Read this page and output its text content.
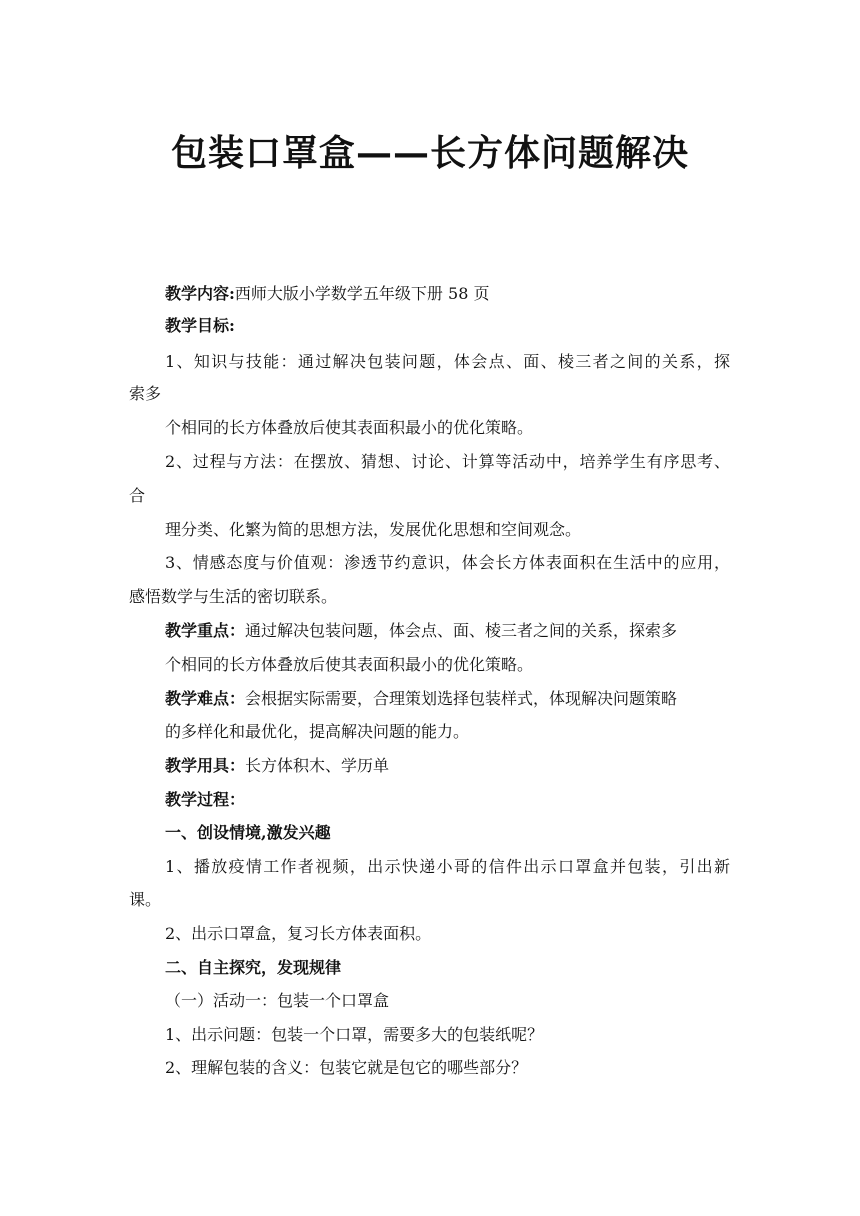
包装口罩盒——长方体问题解决
教学内容:西师大版小学数学五年级下册 58 页
教学目标:
1、知识与技能：通过解决包装问题，体会点、面、棱三者之间的关系，探
索多
个相同的长方体叠放后使其表面积最小的优化策略。
2、过程与方法：在摆放、猜想、讨论、计算等活动中，培养学生有序思考、
合
理分类、化繁为简的思想方法，发展优化思想和空间观念。
3、情感态度与价值观：渗透节约意识，体会长方体表面积在生活中的应用，
感悟数学与生活的密切联系。
教学重点：通过解决包装问题，体会点、面、棱三者之间的关系，探索多
个相同的长方体叠放后使其表面积最小的优化策略。
教学难点：会根据实际需要，合理策划选择包装样式，体现解决问题策略
的多样化和最优化，提高解决问题的能力。
教学用具：长方体积木、学历单
教学过程：
一、创设情境,激发兴趣
1、播放疫情工作者视频，出示快递小哥的信件出示口罩盒并包装，引出新
课。
2、出示口罩盒，复习长方体表面积。
二、自主探究，发现规律
（一）活动一：包装一个口罩盒
1、出示问题：包装一个口罩，需要多大的包装纸呢？
2、理解包装的含义：包装它就是包它的哪些部分？
